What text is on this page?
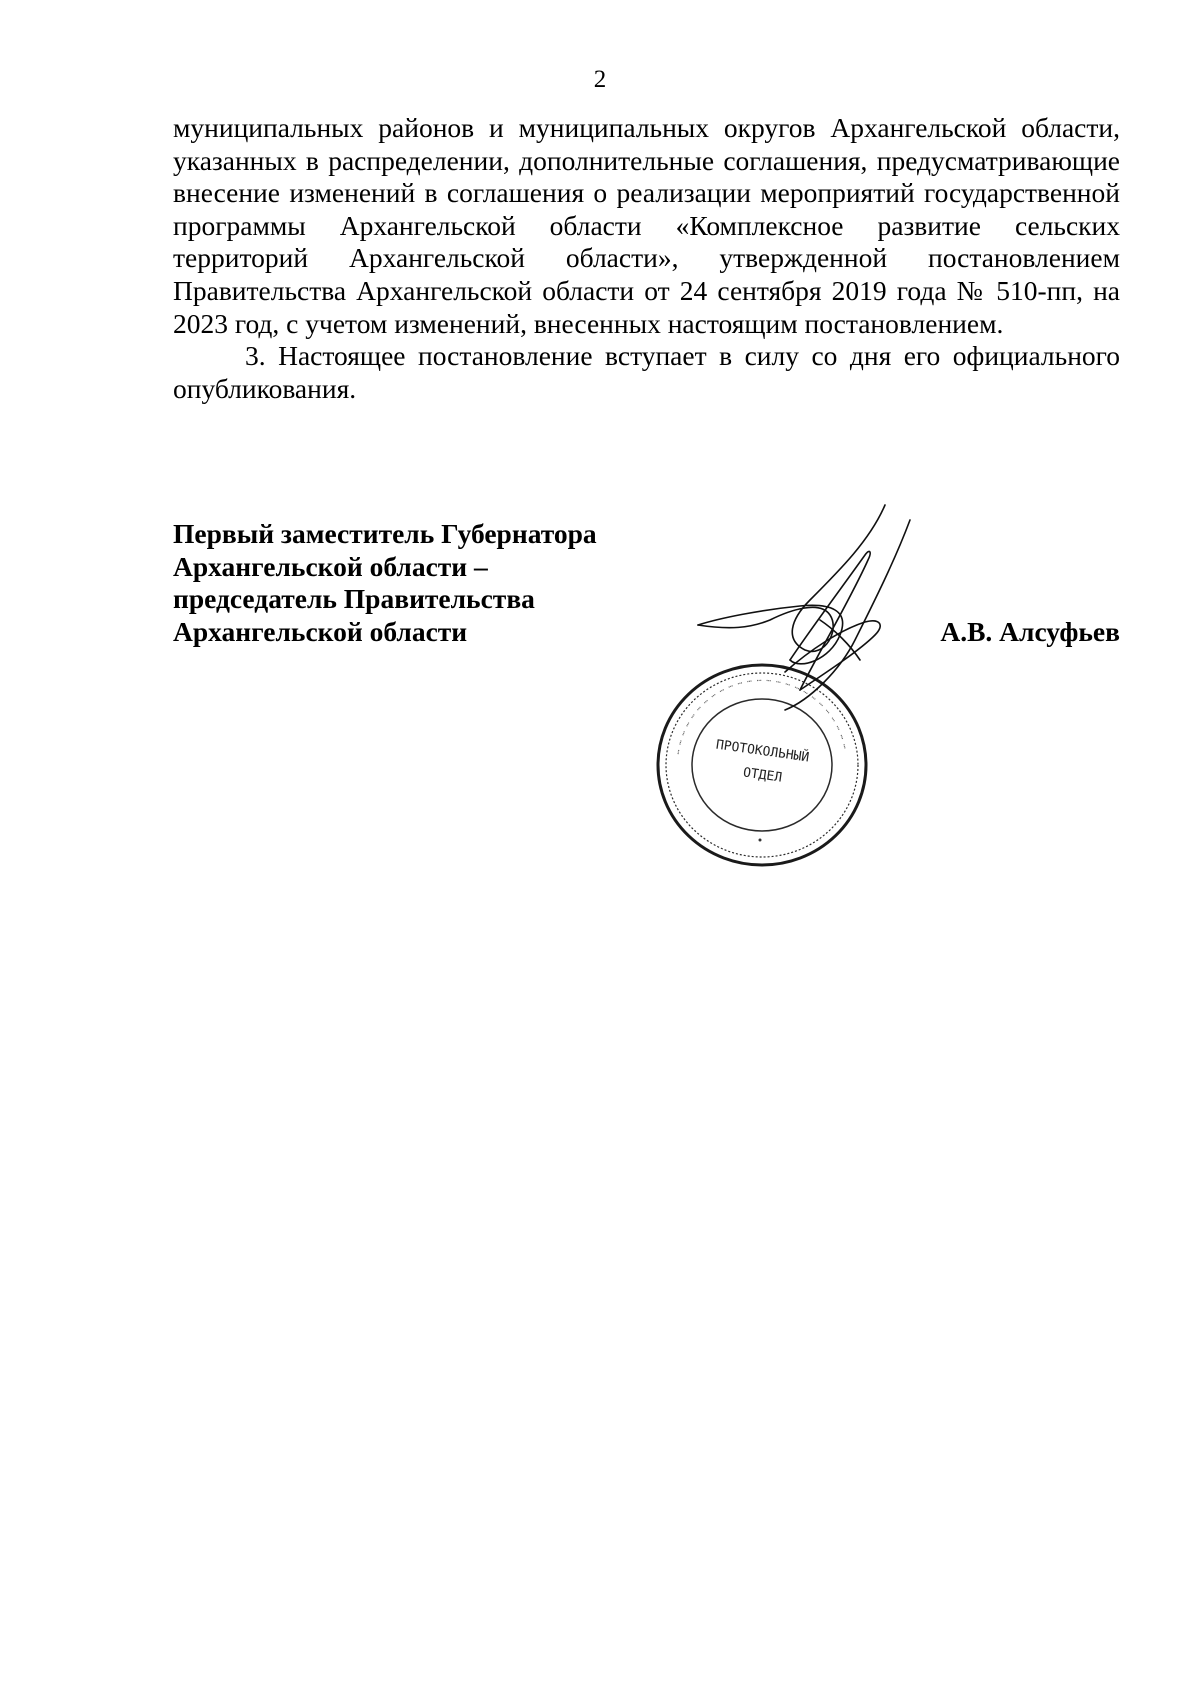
2

муниципальных районов и муниципальных округов Архангельской области, указанных в распределении, дополнительные соглашения, предусматривающие внесение изменений в соглашения о реализации мероприятий государственной программы Архангельской области «Комплексное развитие сельских территорий Архангельской области», утвержденной постановлением Правительства Архангельской области от 24 сентября 2019 года № 510-пп, на 2023 год, с учетом изменений, внесенных настоящим постановлением.

3. Настоящее постановление вступает в силу со дня его официального опубликования.

Первый заместитель Губернатора
Архангельской области –
председатель Правительства
Архангельской области	А.В. Алсуфьев
… … … … … … … … … … … … … … … … … … … … … … … … …
ПРОТОКОЛЬНЫЙ
ОТДЕЛ
